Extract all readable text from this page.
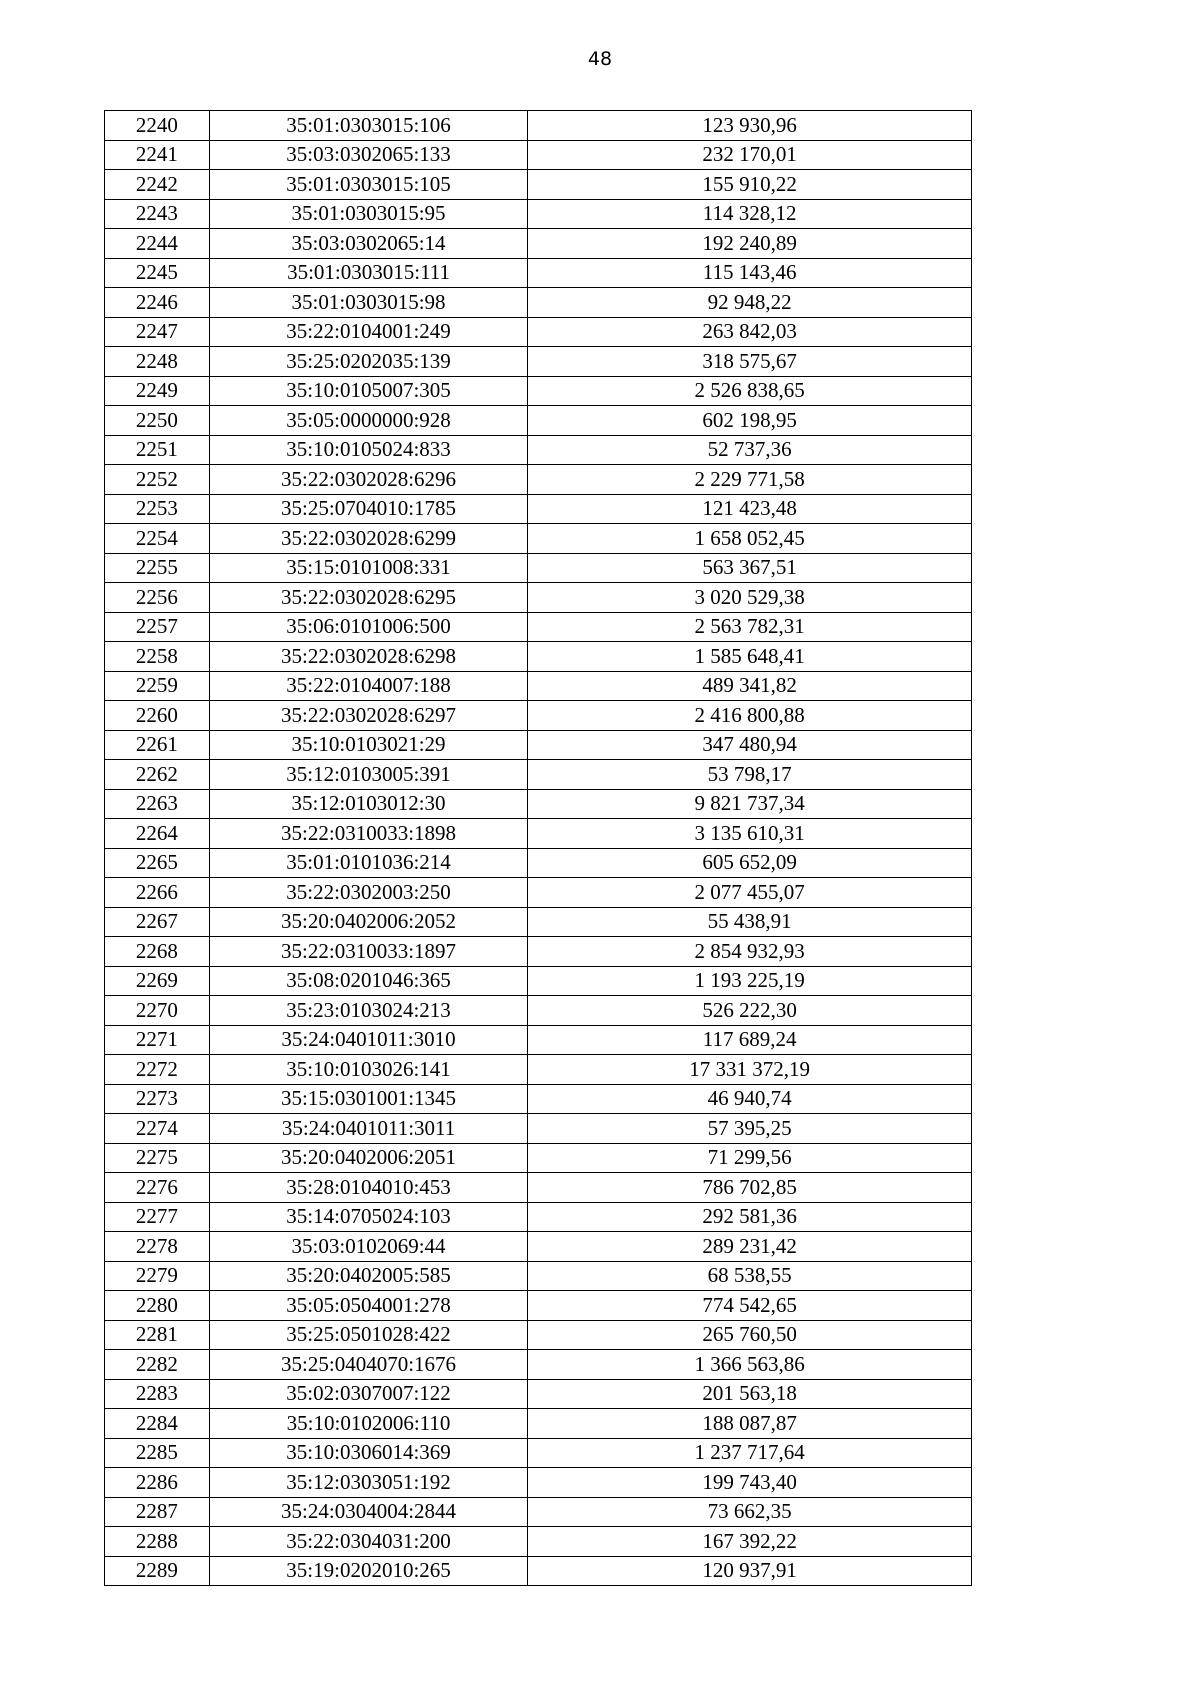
48
2240	35:01:0303015:106	123 930,96
2241	35:03:0302065:133	232 170,01
2242	35:01:0303015:105	155 910,22
2243	35:01:0303015:95	114 328,12
2244	35:03:0302065:14	192 240,89
2245	35:01:0303015:111	115 143,46
2246	35:01:0303015:98	92 948,22
2247	35:22:0104001:249	263 842,03
2248	35:25:0202035:139	318 575,67
2249	35:10:0105007:305	2 526 838,65
2250	35:05:0000000:928	602 198,95
2251	35:10:0105024:833	52 737,36
2252	35:22:0302028:6296	2 229 771,58
2253	35:25:0704010:1785	121 423,48
2254	35:22:0302028:6299	1 658 052,45
2255	35:15:0101008:331	563 367,51
2256	35:22:0302028:6295	3 020 529,38
2257	35:06:0101006:500	2 563 782,31
2258	35:22:0302028:6298	1 585 648,41
2259	35:22:0104007:188	489 341,82
2260	35:22:0302028:6297	2 416 800,88
2261	35:10:0103021:29	347 480,94
2262	35:12:0103005:391	53 798,17
2263	35:12:0103012:30	9 821 737,34
2264	35:22:0310033:1898	3 135 610,31
2265	35:01:0101036:214	605 652,09
2266	35:22:0302003:250	2 077 455,07
2267	35:20:0402006:2052	55 438,91
2268	35:22:0310033:1897	2 854 932,93
2269	35:08:0201046:365	1 193 225,19
2270	35:23:0103024:213	526 222,30
2271	35:24:0401011:3010	117 689,24
2272	35:10:0103026:141	17 331 372,19
2273	35:15:0301001:1345	46 940,74
2274	35:24:0401011:3011	57 395,25
2275	35:20:0402006:2051	71 299,56
2276	35:28:0104010:453	786 702,85
2277	35:14:0705024:103	292 581,36
2278	35:03:0102069:44	289 231,42
2279	35:20:0402005:585	68 538,55
2280	35:05:0504001:278	774 542,65
2281	35:25:0501028:422	265 760,50
2282	35:25:0404070:1676	1 366 563,86
2283	35:02:0307007:122	201 563,18
2284	35:10:0102006:110	188 087,87
2285	35:10:0306014:369	1 237 717,64
2286	35:12:0303051:192	199 743,40
2287	35:24:0304004:2844	73 662,35
2288	35:22:0304031:200	167 392,22
2289	35:19:0202010:265	120 937,91
